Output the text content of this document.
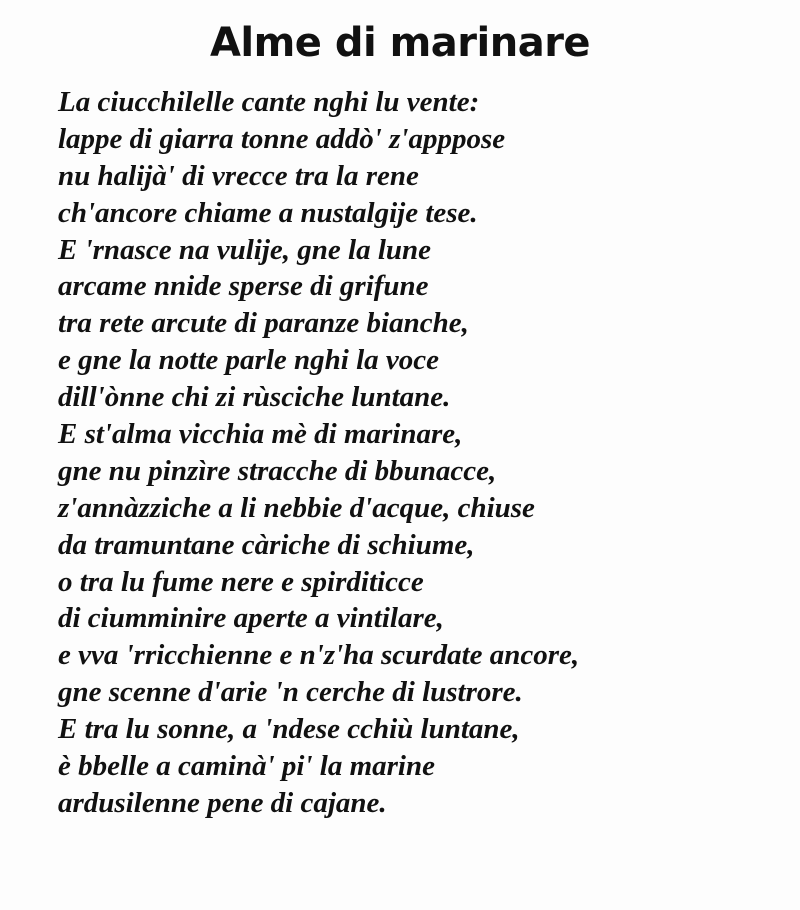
Alme di marinare
La ciucchilelle cante nghi lu vente:
lappe di giarra tonne addò' z'apppose
nu halijà' di vrecce tra la rene
ch'ancore chiame a nustalgije tese.
E 'rnasce na vulije, gne la lune
arcame nnide sperse di grifune
tra rete arcute di paranze bianche,
e gne la notte parle nghi la voce
dill'ònne chi zi rùsciche luntane.
E st'alma vicchia mè di marinare,
gne nu pinzìre stracche di bbunacce,
z'annàzziche a li nebbie d'acque, chiuse
da tramuntane càriche di schiume,
o tra lu fume nere e spirditicce
di ciumminire aperte a vintilare,
e vva 'rricchienne e n'z'ha scurdate ancore,
gne scenne d'arie 'n cerche di lustrore.
E tra lu sonne, a 'ndese cchiù luntane,
è bbelle a caminà' pi' la marine
ardusilenne pene di cajane.
